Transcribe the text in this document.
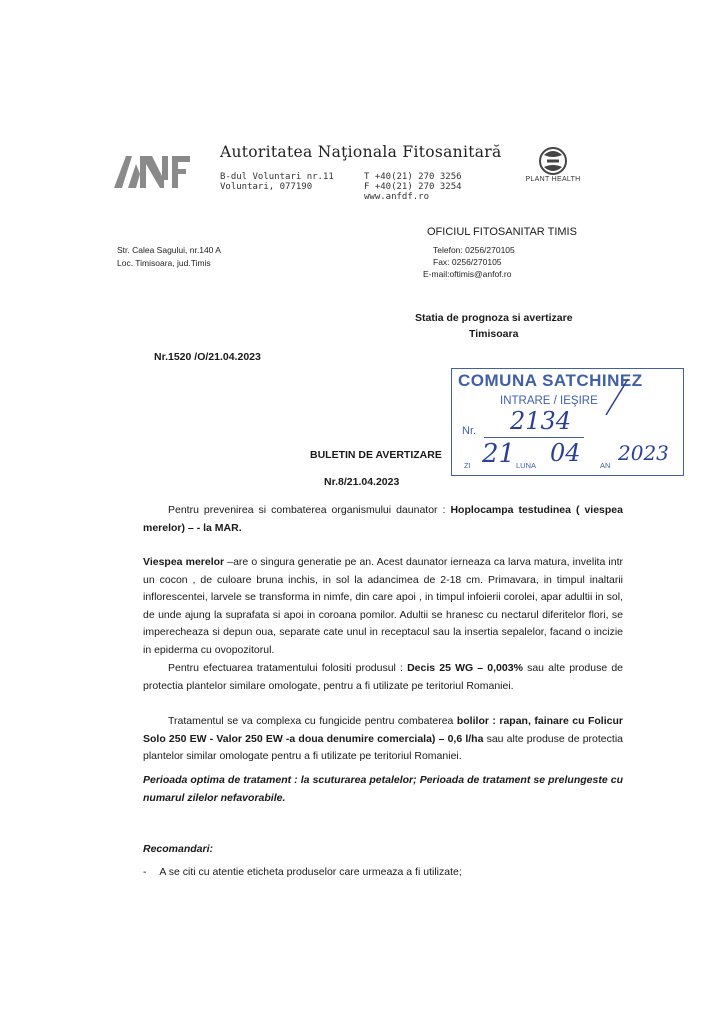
Autoritatea Naţionala Fitosanitară
B-dul Voluntari nr.11
Voluntari, 077190
T +40(21) 270 3256
F +40(21) 270 3254
www.anfdf.ro
PLANT HEALTH
OFICIUL FITOSANITAR TIMIS
Str. Calea Sagului, nr.140 A
Loc. Timisoara, jud.Timis
Telefon: 0256/270105
Fax: 0256/270105
E-mail:oftimis@anfof.ro
Statia de prognoza si avertizare
Timisoara
Nr.1520 /O/21.04.2023
COMUNA SATCHINEZ
INTRARE / IEŞIRE
Nr. 2134
ZI 21 LUNA 04	AN
2023
BULETIN DE AVERTIZARE
Nr.8/21.04.2023
Pentru prevenirea si combaterea organismului daunator : Hoplocampa testudinea ( viespea merelor) – - la MAR.
Viespea merelor –are o singura generatie pe an. Acest daunator ierneaza ca larva matura, invelita intr un cocon , de culoare bruna inchis, in sol la adancimea de 2-18 cm. Primavara, in timpul inaltarii inflorescentei, larvele se transforma in nimfe, din care apoi , in timpul infoierii corolei, apar adultii in sol, de unde ajung la suprafata si apoi in coroana pomilor. Adultii se hranesc cu nectarul diferitelor flori, se imperecheaza si depun oua, separate cate unul in receptacul sau la insertia sepalelor, facand o incizie in epiderma cu ovopozitorul.
Pentru efectuarea tratamentului folositi produsul : Decis 25 WG – 0,003% sau alte produse de protectia plantelor similare omologate, pentru a fi utilizate pe teritoriul Romaniei.
Tratamentul se va complexa cu fungicide pentru combaterea bolilor : rapan, fainare cu Folicur Solo 250 EW - Valor 250 EW -a doua denumire comerciala) – 0,6 l/ha sau alte produse de protectia plantelor similar omologate pentru a fi utilizate pe teritoriul Romaniei.
Perioada optima de tratament : la scuturarea petalelor; Perioada de tratament se prelungeste cu numarul zilelor nefavorabile.
Recomandari:
- A se citi cu atentie eticheta produselor care urmeaza a fi utilizate;
